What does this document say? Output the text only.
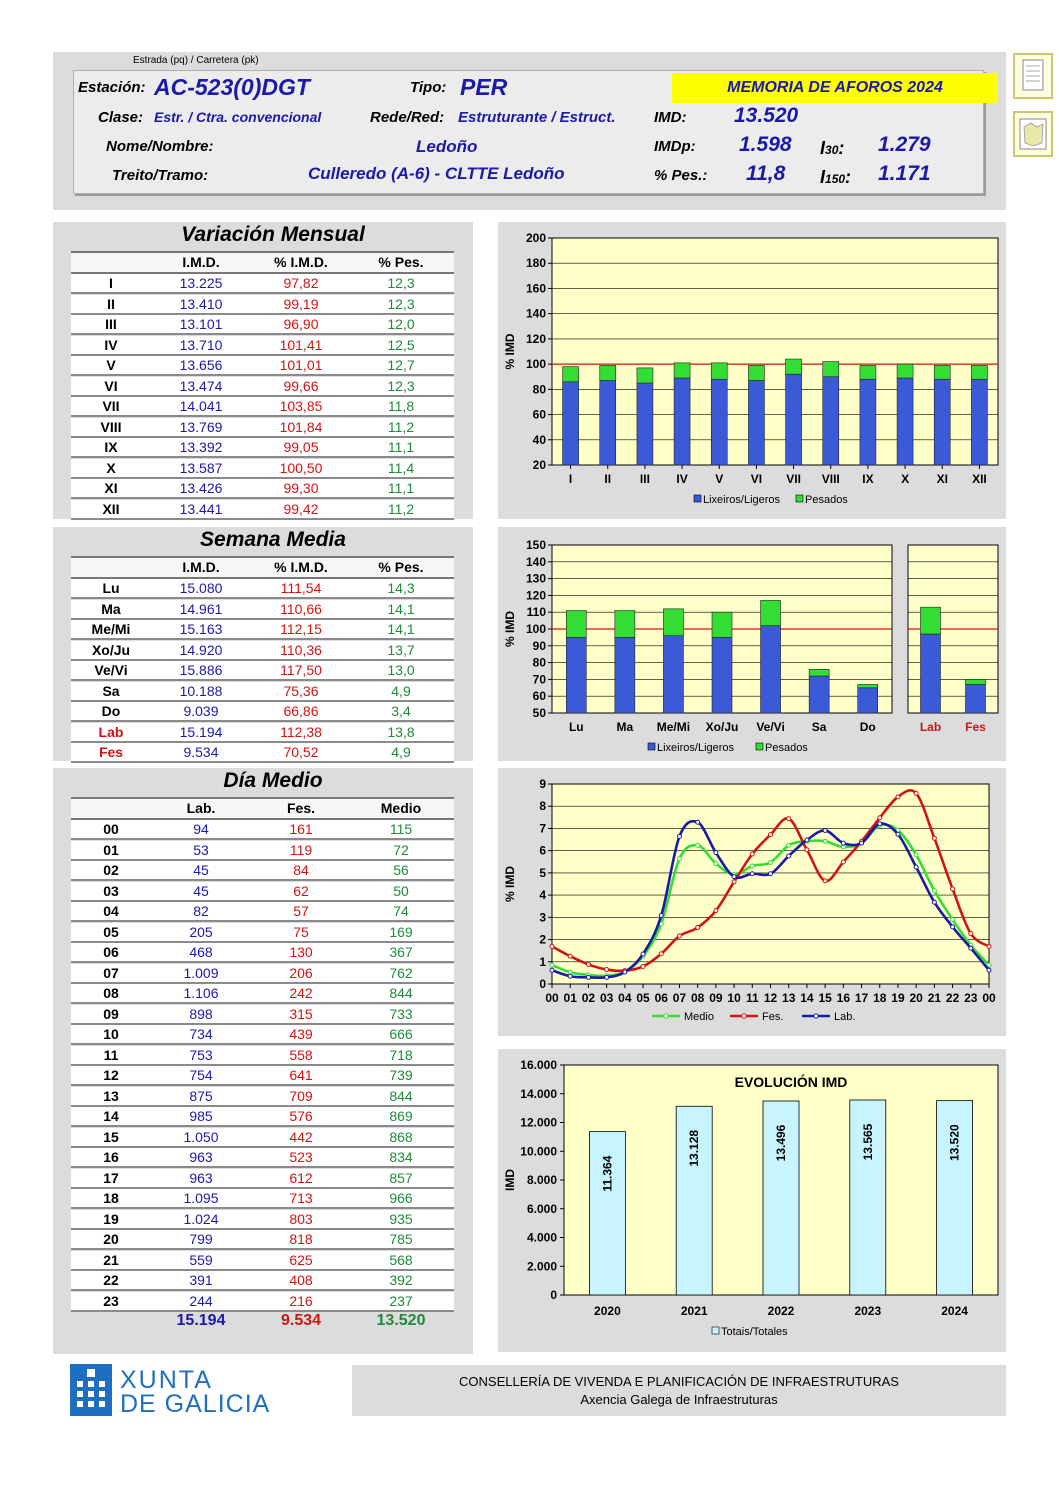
Estrada (pq) / Carretera (pk)
Estación: AC-523(0)DGT	Tipo: PER	MEMORIA DE AFOROS 2024
Clase: Estr. / Ctra. convencional	Rede/Red: Estruturante / Estruct.	IMD: 13.520
Nome/Nombre:	Ledoño	IMDp: 1.598 I30: 1.279
Treito/Tramo:	Culleredo (A-6) - CLTTE Ledoño	% Pes.: 11,8 I150: 1.171
Variación Mensual
I.M.D.	% I.M.D.	% Pes.
I	13.225	97,82	12,3
II	13.410	99,19	12,3
III	13.101	96,90	12,0
IV	13.710	101,41	12,5
V	13.656	101,01	12,7
VI	13.474	99,66	12,3
VII	14.041	103,85	11,8
VIII	13.769	101,84	11,2
IX	13.392	99,05	11,1
X	13.587	100,50	11,4
XI	13.426	99,30	11,1
XII	13.441	99,42	11,2
Semana Media
I.M.D.	% I.M.D.	% Pes.
Lu	15.080	111,54	14,3
Ma	14.961	110,66	14,1
Me/Mi	15.163	112,15	14,1
Xo/Ju	14.920	110,36	13,7
Ve/Vi	15.886	117,50	13,0
Sa	10.188	75,36	4,9
Do	9.039	66,86	3,4
Lab	15.194	112,38	13,8
Fes	9.534	70,52	4,9
Día Medio
Lab.	Fes.	Medio
00	94	161	115
01	53	119	72
02	45	84	56
03	45	62	50
04	82	57	74
05	205	75	169
06	468	130	367
07	1.009	206	762
08	1.106	242	844
09	898	315	733
10	734	439	666
11	753	558	718
12	754	641	739
13	875	709	844
14	985	576	869
15	1.050	442	868
16	963	523	834
17	963	612	857
18	1.095	713	966
19	1.024	803	935
20	799	818	785
21	559	625	568
22	391	408	392
23	244	216	237
15.194	9.534	13.520
20
40
60
80
100
120
140
160
180
200
I	II III IV V VI VII VIII IX X XI XII
% IMD
Lixeiros/Ligeros Pesados
50
60
70
80
90
100
110
120
130
140
150
Lu	Ma Me/Mi Xo/Ju Ve/Vi Sa	Do	Lab Fes
% IMD
Lixeiros/Ligeros	Pesados
0
1
2
3
4
5
6
7
8
9
00 01 02 03 04 05 06 07 08 09 10 11 12 13 14 15 16 17 18 19 20 21 22 23 00
% IMD
Medio	Fes.	Lab.
0
2.000
4.000
6.000
8.000
10.000
12.000
14.000
16.000
EVOLUCIÓN IMD
11.364
2020
13.128
2021
13.496
2022
13.565
2023
13.520
2024
IMD
Totais/Totales
XUNTA
DE GALICIA
CONSELLERÍA DE VIVENDA E PLANIFICACIÓN DE INFRAESTRUTURAS
Axencia Galega de Infraestruturas
